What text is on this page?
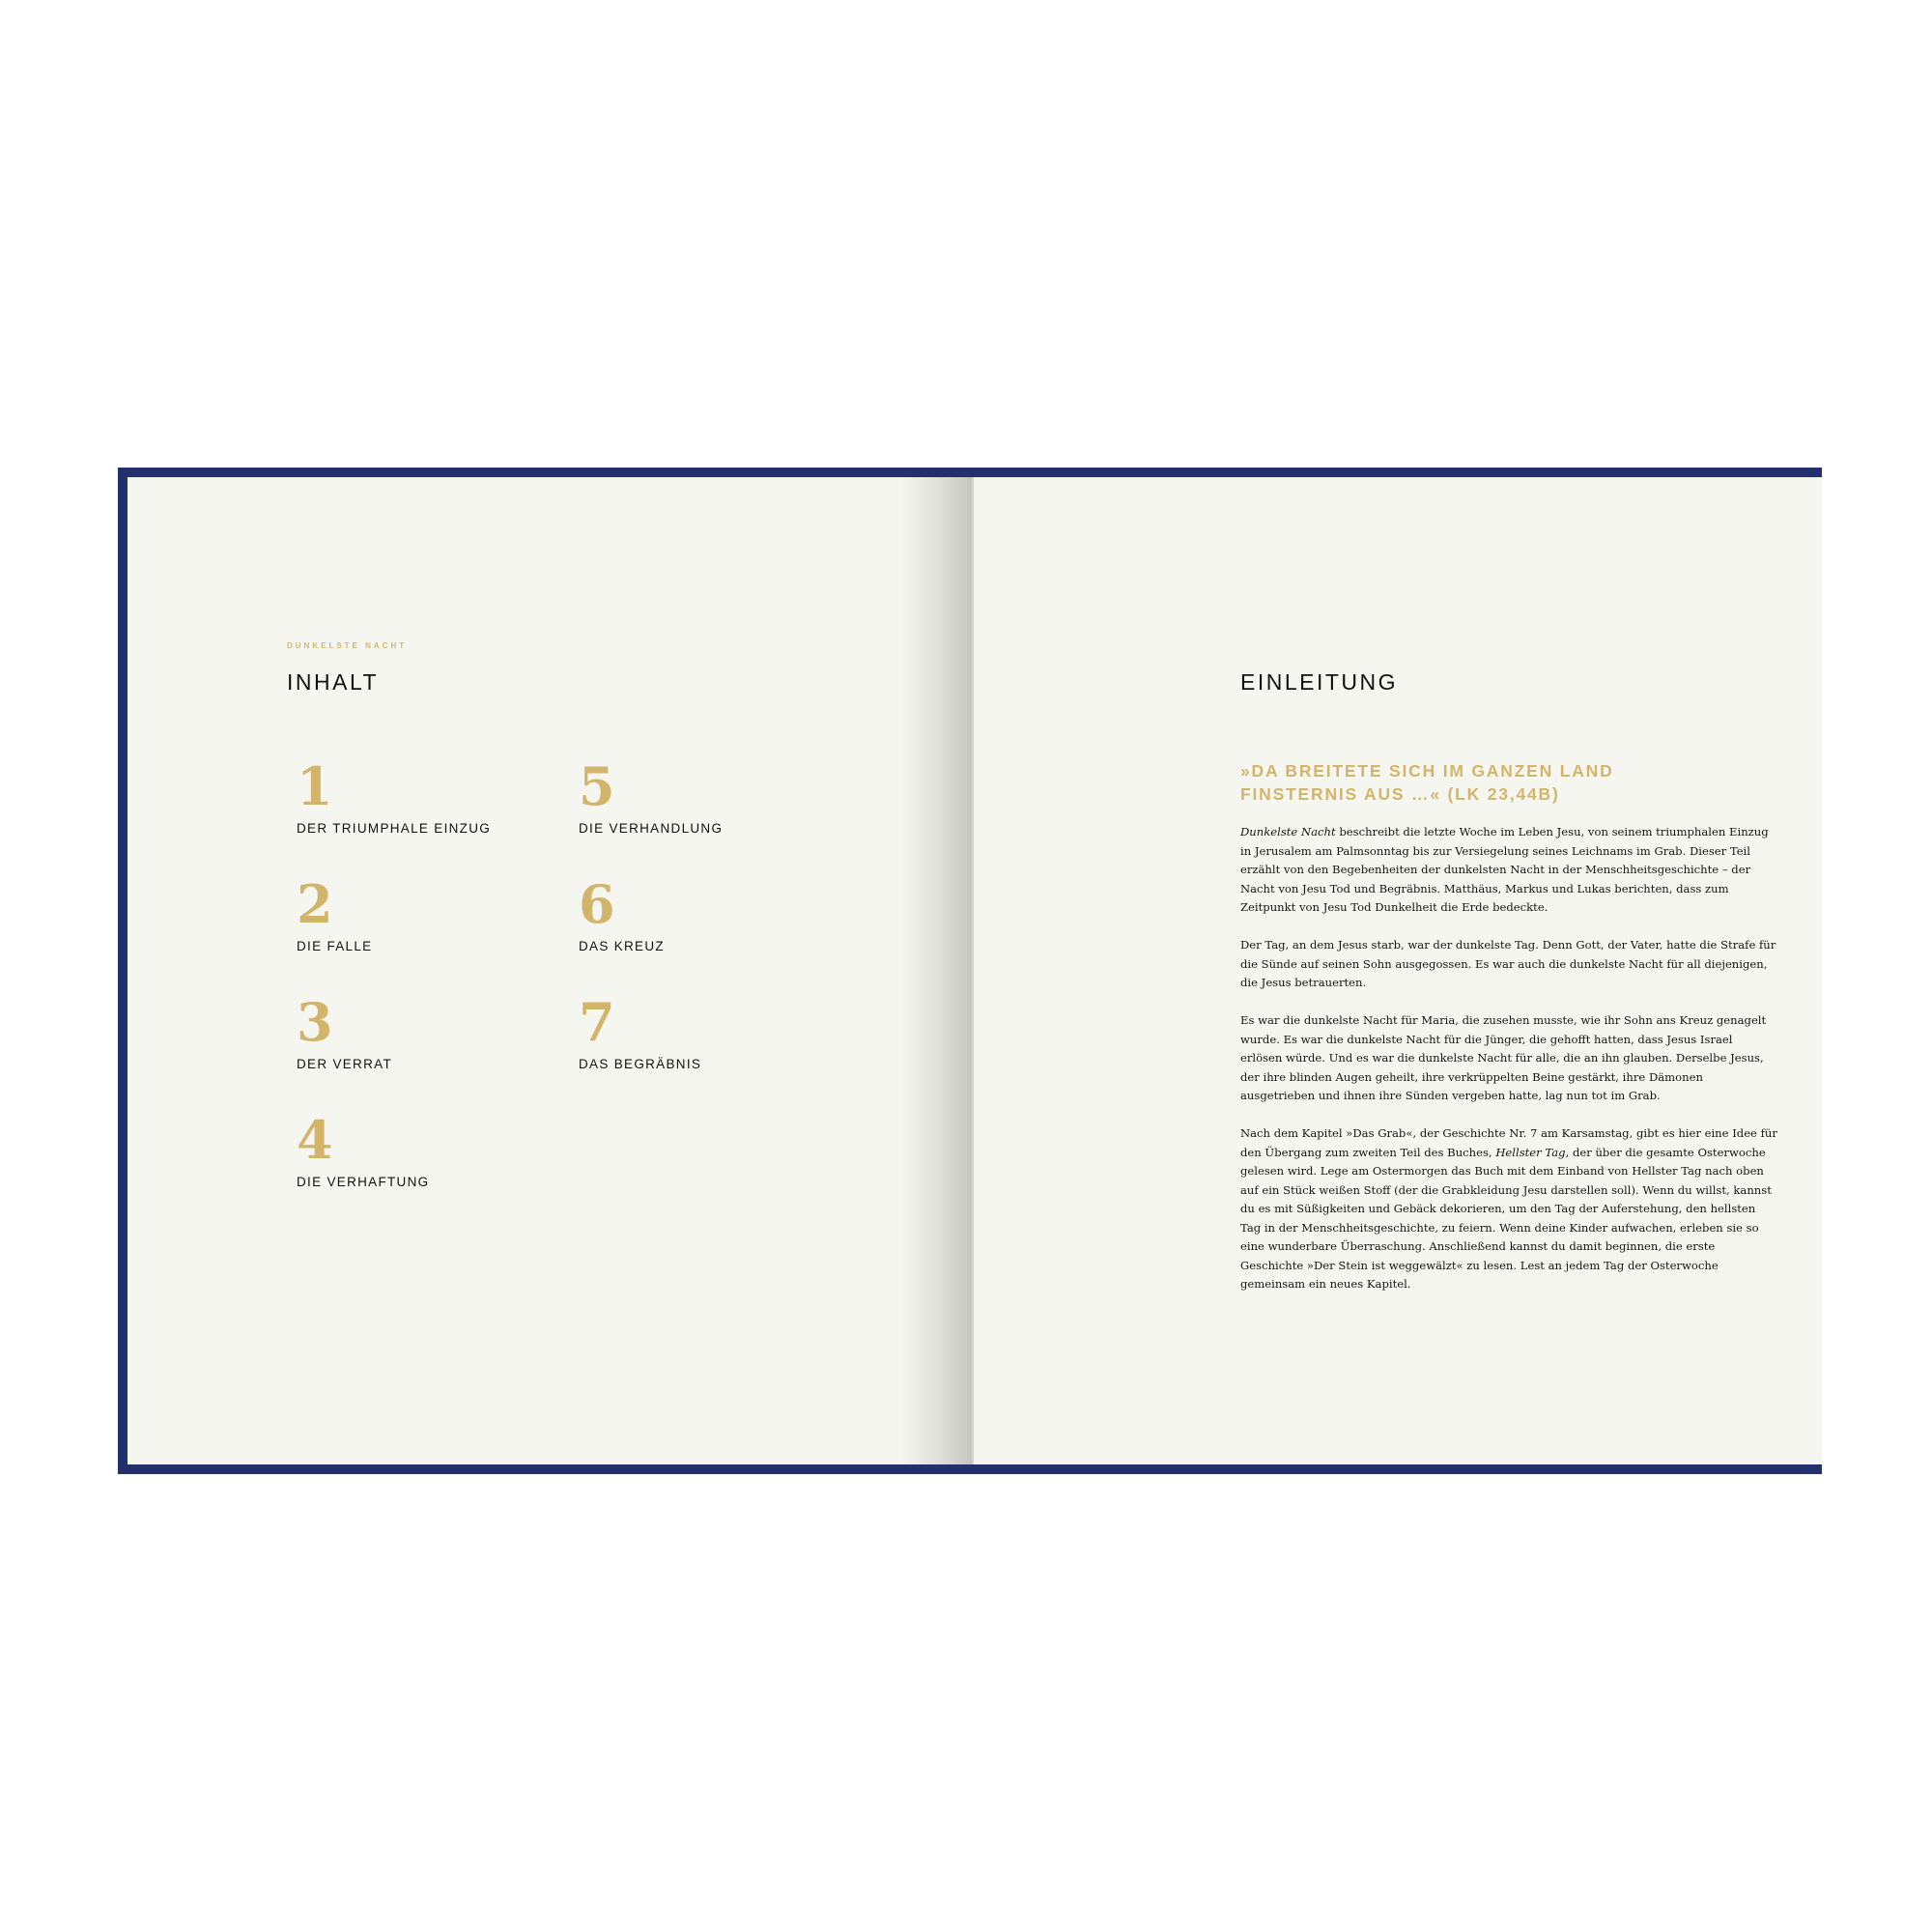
DUNKELSTE NACHT
INHALT
1
DER TRIUMPHALE EINZUG
2
DIE FALLE
3
DER VERRAT
4
DIE VERHAFTUNG
5
DIE VERHANDLUNG
6
DAS KREUZ
7
DAS BEGRÄBNIS
EINLEITUNG
»DA BREITETE SICH IM GANZEN LAND
FINSTERNIS AUS …« (LK 23,44B)

Dunkelste Nacht beschreibt die letzte Woche im Leben Jesu, von seinem triumphalen Einzug in Jerusalem am Palmsonntag bis zur Versiegelung seines Leichnams im Grab. Dieser Teil erzählt von den Begebenheiten der dunkelsten Nacht in der Menschheitsgeschichte – der Nacht von Jesu Tod und Begräbnis. Matthäus, Markus und Lukas berichten, dass zum Zeitpunkt von Jesu Tod Dunkelheit die Erde bedeckte.

Der Tag, an dem Jesus starb, war der dunkelste Tag. Denn Gott, der Vater, hatte die Strafe für die Sünde auf seinen Sohn ausgegossen. Es war auch die dunkelste Nacht für all diejenigen, die Jesus betrauerten.

Es war die dunkelste Nacht für Maria, die zusehen musste, wie ihr Sohn ans Kreuz genagelt wurde. Es war die dunkelste Nacht für die Jünger, die gehofft hatten, dass Jesus Israel erlösen würde. Und es war die dunkelste Nacht für alle, die an ihn glauben. Derselbe Jesus, der ihre blinden Augen geheilt, ihre verkrüppelten Beine gestärkt, ihre Dämonen ausgetrieben und ihnen ihre Sünden vergeben hatte, lag nun tot im Grab.

Nach dem Kapitel »Das Grab«, der Geschichte Nr. 7 am Karsamstag, gibt es hier eine Idee für den Übergang zum zweiten Teil des Buches, Hellster Tag, der über die gesamte Osterwoche gelesen wird. Lege am Ostermorgen das Buch mit dem Einband von Hellster Tag nach oben auf ein Stück weißen Stoff (der die Grabkleidung Jesu darstellen soll). Wenn du willst, kannst du es mit Süßigkeiten und Gebäck dekorieren, um den Tag der Auferstehung, den hellsten Tag in der Menschheitsgeschichte, zu feiern. Wenn deine Kinder aufwachen, erleben sie so eine wunderbare Überraschung. Anschließend kannst du damit beginnen, die erste Geschichte »Der Stein ist weggewälzt« zu lesen. Lest an jedem Tag der Osterwoche gemeinsam ein neues Kapitel.
